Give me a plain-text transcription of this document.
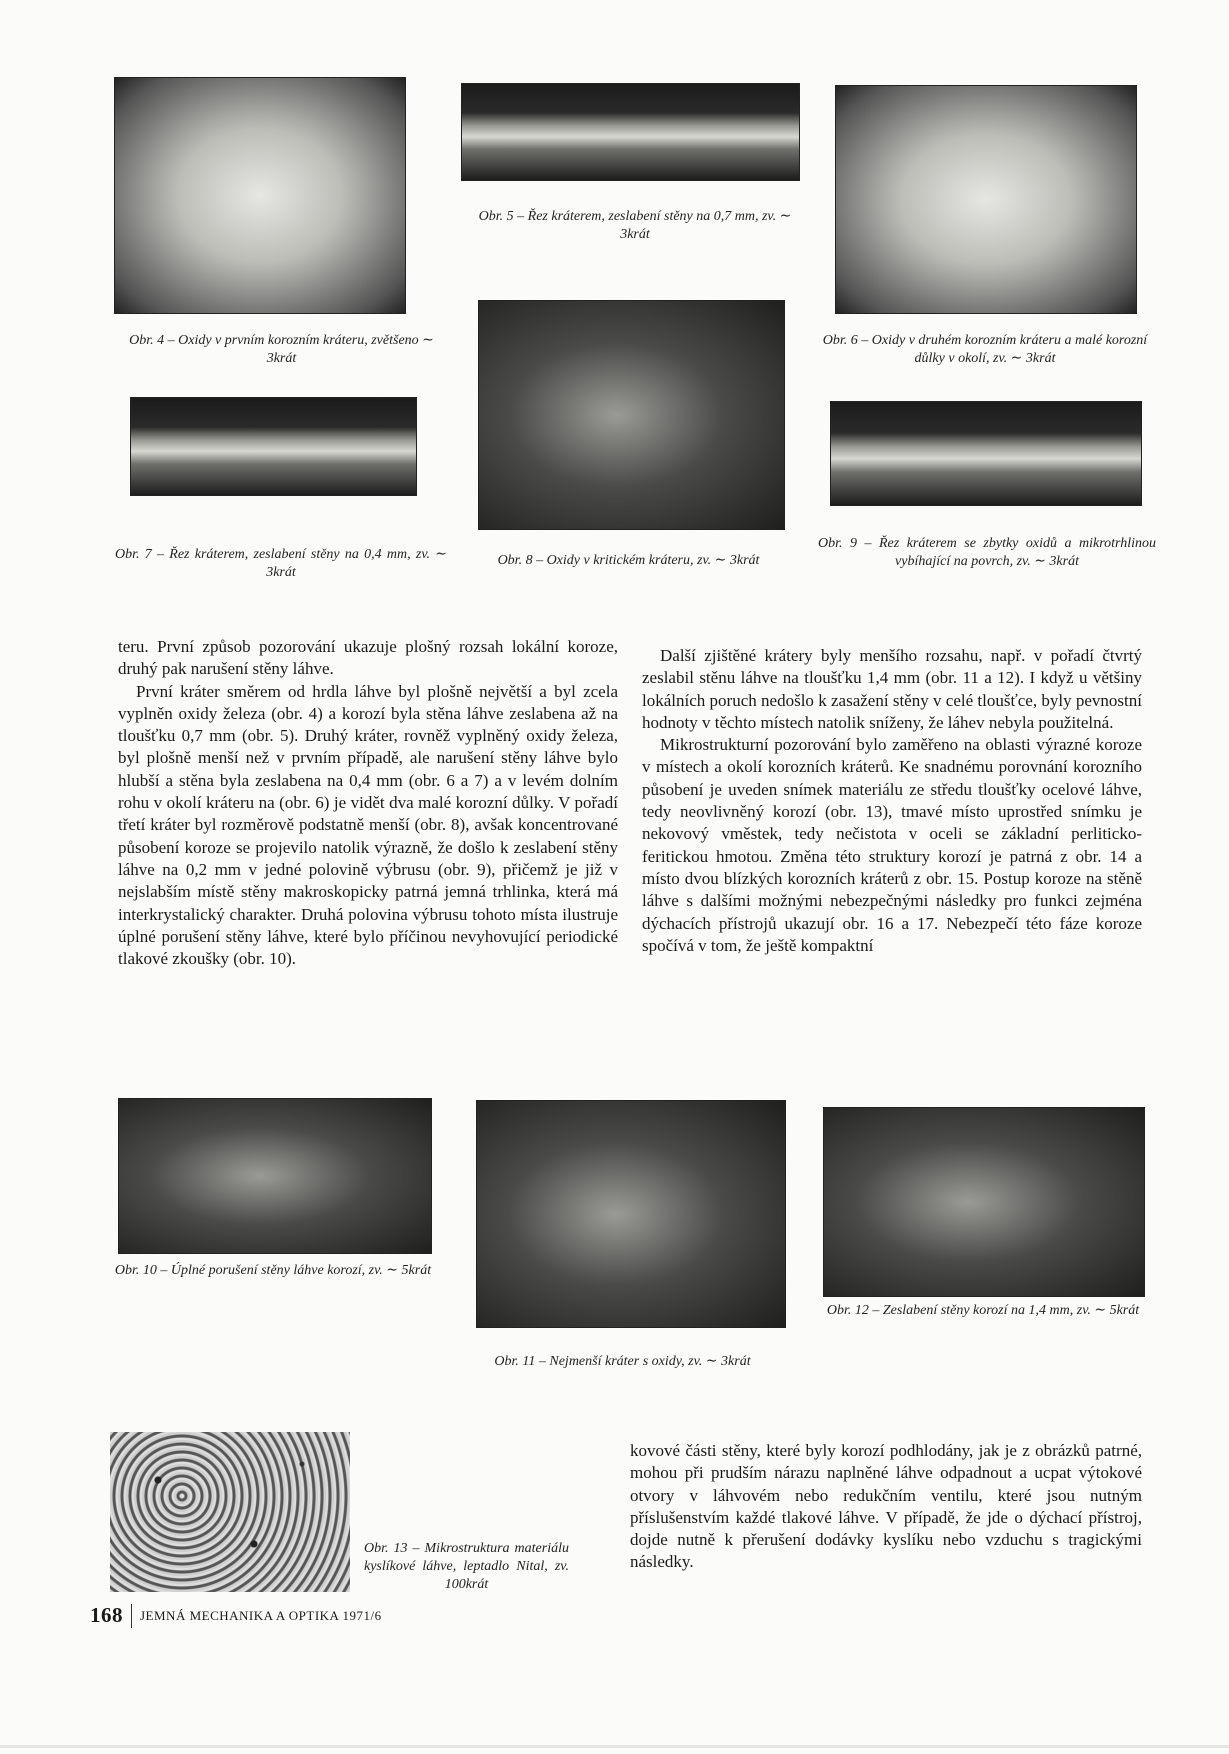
Obr. 5 – Řez kráterem, zeslabení stěny na 0,7 mm, zv. ∼ 3krát
Obr. 4 – Oxidy v prvním korozním kráteru, zvětšeno ∼ 3krát
Obr. 6 – Oxidy v druhém korozním kráteru a malé korozní důlky v okolí, zv. ∼ 3krát
Obr. 7 – Řez kráterem, zeslabení stěny na 0,4 mm, zv. ∼ 3krát
Obr. 8 – Oxidy v kritickém kráteru, zv. ∼ 3krát
Obr. 9 – Řez kráterem se zbytky oxidů a mikrotrhlinou vybíhající na povrch, zv. ∼ 3krát

teru. První způsob pozorování ukazuje plošný rozsah lokální koroze, druhý pak narušení stěny láhve.

První kráter směrem od hrdla láhve byl plošně největší a byl zcela vyplněn oxidy železa (obr. 4) a korozí byla stěna láhve zeslabena až na tloušťku 0,7 mm (obr. 5). Druhý kráter, rovněž vyplněný oxidy železa, byl plošně menší než v prvním případě, ale narušení stěny láhve bylo hlubší a stěna byla zeslabena na 0,4 mm (obr. 6 a 7) a v levém dolním rohu v okolí kráteru na (obr. 6) je vidět dva malé korozní důlky. V pořadí třetí kráter byl rozměrově podstatně menší (obr. 8), avšak koncentrované působení koroze se projevilo natolik výrazně, že došlo k zeslabení stěny láhve na 0,2 mm v jedné polovině výbrusu (obr. 9), přičemž je již v nejslabším místě stěny makroskopicky patrná jemná trhlinka, která má interkrystalický charakter. Druhá polovina výbrusu tohoto místa ilustruje úplné porušení stěny láhve, které bylo příčinou nevyhovující periodické tlakové zkoušky (obr. 10).

Další zjištěné krátery byly menšího rozsahu, např. v pořadí čtvrtý zeslabil stěnu láhve na tloušťku 1,4 mm (obr. 11 a 12). I když u většiny lokálních poruch nedošlo k zasažení stěny v celé tloušťce, byly pevnostní hodnoty v těchto místech natolik sníženy, že láhev nebyla použitelná.

Mikrostrukturní pozorování bylo zaměřeno na oblasti výrazné koroze v místech a okolí korozních kráterů. Ke snadnému porovnání korozního působení je uveden snímek materiálu ze středu tloušťky ocelové láhve, tedy neovlivněný korozí (obr. 13), tmavé místo uprostřed snímku je nekovový vměstek, tedy nečistota v oceli se základní perliticko-feritickou hmotou. Změna této struktury korozí je patrná z obr. 14 a místo dvou blízkých korozních kráterů z obr. 15. Postup koroze na stěně láhve s dalšími možnými nebezpečnými následky pro funkci zejména dýchacích přístrojů ukazují obr. 16 a 17. Nebezpečí této fáze koroze spočívá v tom, že ještě kompaktní

Obr. 10 – Úplné porušení stěny láhve korozí, zv. ∼ 5krát
Obr. 12 – Zeslabení stěny korozí na 1,4 mm, zv. ∼ 5krát
Obr. 11 – Nejmenší kráter s oxidy, zv. ∼ 3krát
Obr. 13 – Mikrostruktura materiálu kyslíkové láhve, leptadlo Nital, zv. 100krát

kovové části stěny, které byly korozí podhlodány, jak je z obrázků patrné, mohou při prudším nárazu naplněné láhve odpadnout a ucpat výtokové otvory v láhvovém nebo redukčním ventilu, které jsou nutným příslušenstvím každé tlakové láhve. V případě, že jde o dýchací přístroj, dojde nutně k přerušení dodávky kyslíku nebo vzduchu s tragickými následky.

168 JEMNÁ MECHANIKA A OPTIKA 1971/6
